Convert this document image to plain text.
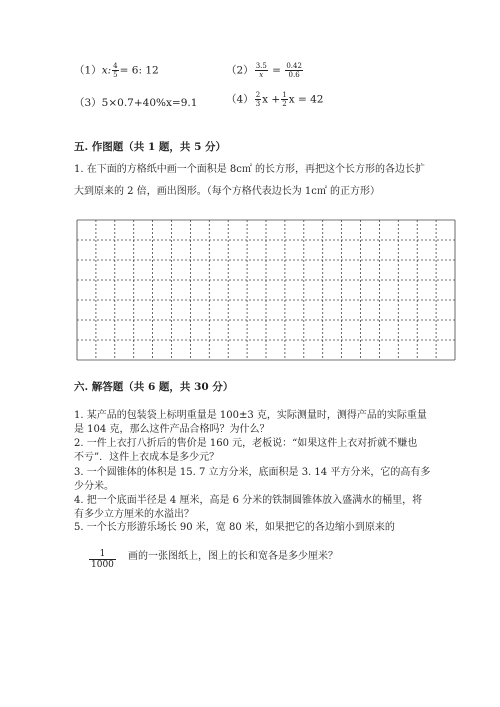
（1）x: $\frac{4}{5} = 6$: 12	$(2) \frac{3.5}{x} = \frac{0.42}{0.6}$
（3）5×0.7+40%x=9.1	$(4) \frac{2}{3}$ $x + \frac{1}{2}$ x = 42
五. 作图题（共 1 题，共 5 分）
1. 在下面的方格纸中画一个面积是 8c㎡ 的长方形，再把这个长方形的各边长扩
大到原来的 2 倍，画出图形。（每个方格代表边长为 1c㎡ 的正方形）
六. 解答题（共 6 题，共 30 分）
1. 某产品的包装袋上标明重量是 100±3 克，实际测量时，测得产品的实际重量
是 104 克，那么这件产品合格吗？为什么？
2. 一件上衣打八折后的售价是 160 元，老板说：“如果这件上衣对折就不赚也
不亏”．这件上衣成本是多少元？
3. 一个圆锥体的体积是 15. 7 立方分米，底面积是 3. 14 平方分米，它的高有多
少分米。
4. 把一个底面半径是 4 厘米，高是 6 分米的铁制圆锥体放入盛满水的桶里，将
有多少立方厘米的水溢出？
5. 一个长方形游乐场长 90 米，宽 80 米，如果把它的各边缩小到原来的
$\frac{1}{1000}$ 画的一张图纸上，图上的长和宽各是多少厘米？
